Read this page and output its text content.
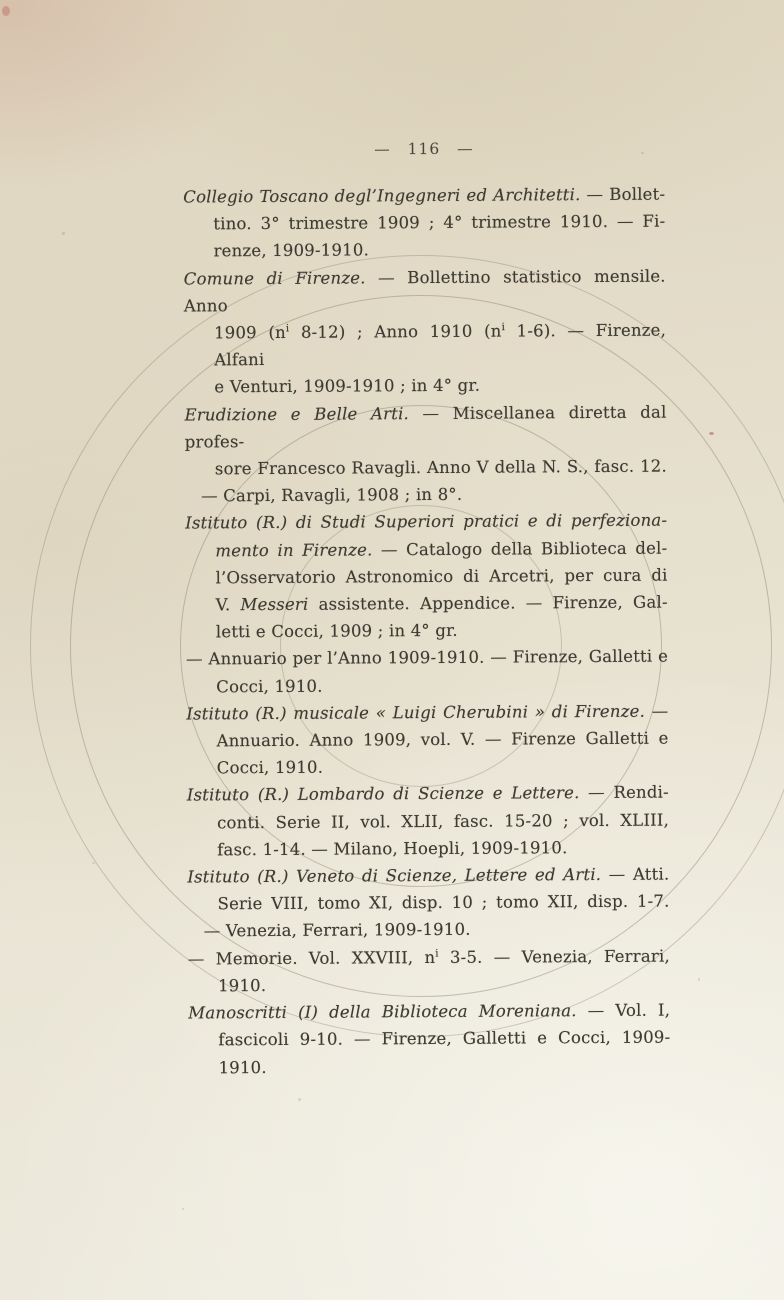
— 116 —
Collegio Toscano degl’Ingegneri ed Architetti. — Bollet-
tino. 3° trimestre 1909 ; 4° trimestre 1910. — Fi-
renze, 1909-1910.
Comune di Firenze. — Bollettino statistico mensile. Anno
1909 ($n^i$ 8-12) ; Anno 1910 ($n^i$ 1-6). — Firenze, Alfani
e Venturi, 1909-1910 ; in 4° gr.
Erudizione e Belle Arti. — Miscellanea diretta dal profes-
sore Francesco Ravagli. Anno V della N. S., fasc. 12.
— Carpi, Ravagli, 1908 ; in 8°.
Istituto (R.) di Studi Superiori pratici e di perfeziona-
mento in Firenze. — Catalogo della Biblioteca del-
l’Osservatorio Astronomico di Arcetri, per cura di
V. Messeri assistente. Appendice. — Firenze, Gal-
letti e Cocci, 1909 ; in 4° gr.
— Annuario per l’Anno 1909-1910. — Firenze, Galletti e
Cocci, 1910.
Istituto (R.) musicale « Luigi Cherubini » di Firenze. —
Annuario. Anno 1909, vol. V. — Firenze Galletti e
Cocci, 1910.
Istituto (R.) Lombardo di Scienze e Lettere. — Rendi-
conti. Serie II, vol. XLII, fasc. 15-20 ; vol. XLIII,
fasc. 1-14. — Milano, Hoepli, 1909-1910.
Istituto (R.) Veneto di Scienze, Lettere ed Arti. — Atti.
Serie VIII, tomo XI, disp. 10 ; tomo XII, disp. 1-7.
— Venezia, Ferrari, 1909-1910.
— Memorie. Vol. XXVIII, $n^i$ 3-5. — Venezia, Ferrari,
1910.
Manoscritti (I) della Biblioteca Moreniana. — Vol. I,
fascicoli 9-10. — Firenze, Galletti e Cocci, 1909-
1910.
